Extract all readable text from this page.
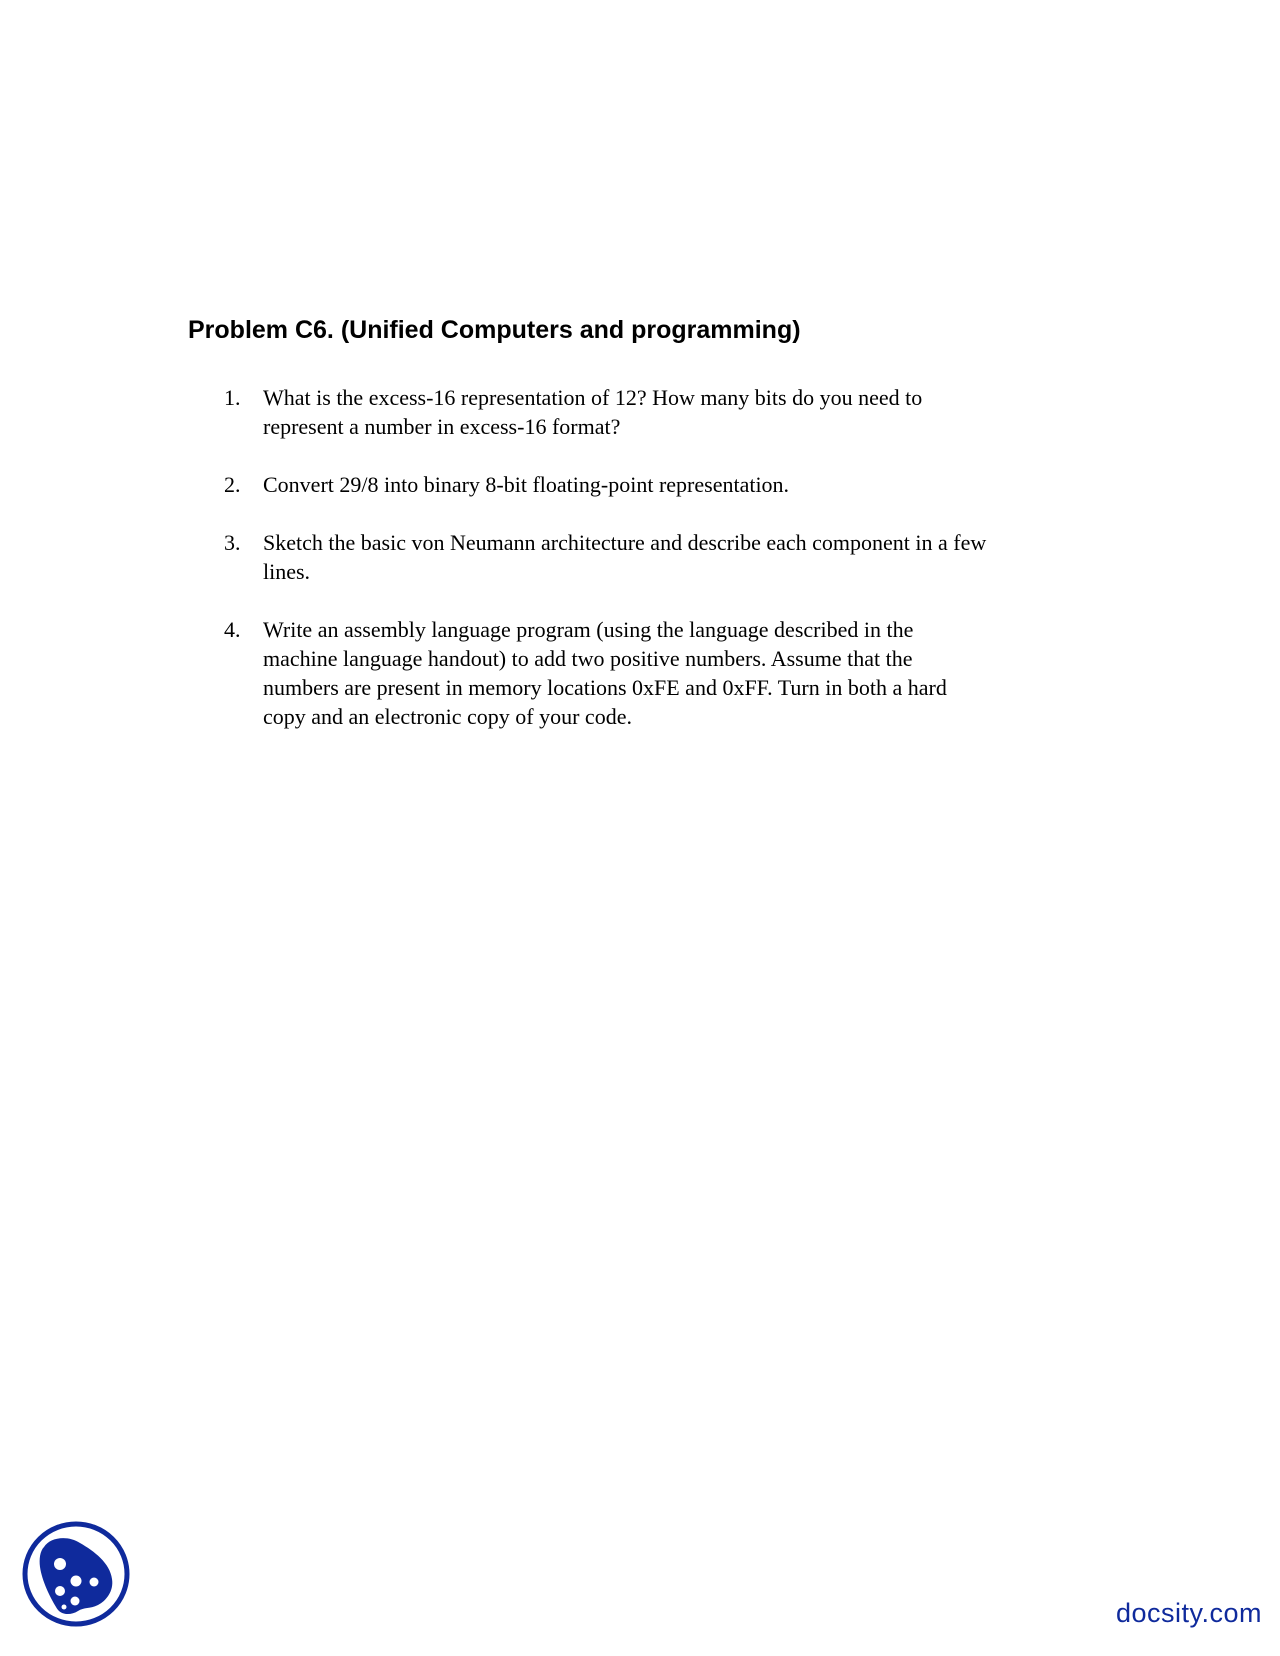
Problem C6. (Unified Computers and programming)
1. What is the excess-16 representation of 12? How many bits do you need to
represent a number in excess-16 format?
2. Convert 29/8 into binary 8-bit floating-point representation.
3. Sketch the basic von Neumann architecture and describe each component in a few
lines.
4. Write an assembly language program (using the language described in the
machine language handout) to add two positive numbers. Assume that the
numbers are present in memory locations 0xFE and 0xFF. Turn in both a hard
copy and an electronic copy of your code.
docsity.com
